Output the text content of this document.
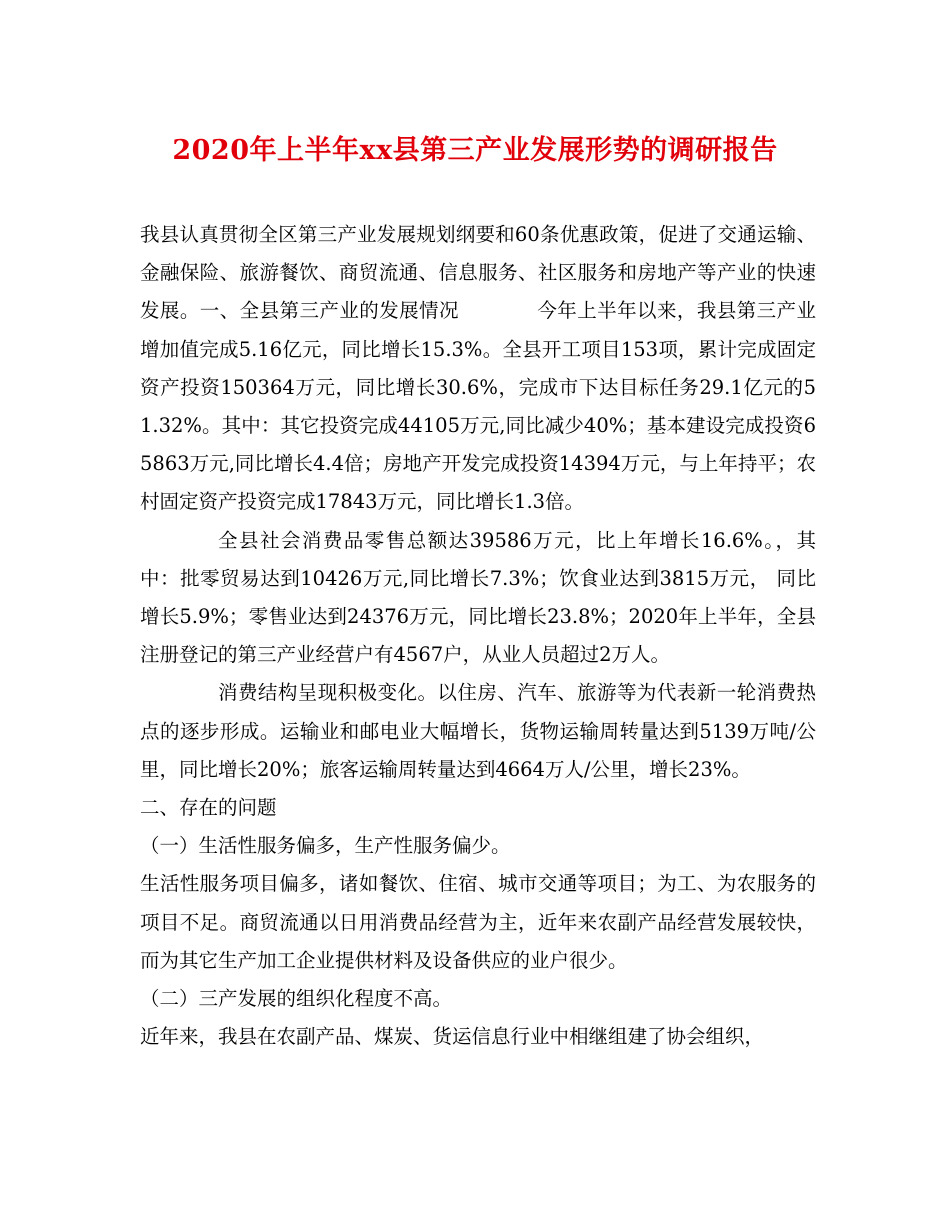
2020年上半年xx县第三产业发展形势的调研报告

我县认真贯彻全区第三产业发展规划纲要和60条优惠政策，促进了交通运输、金融保险、旅游餐饮、商贸流通、信息服务、社区服务和房地产等产业的快速发展。一、全县第三产业的发展情况	今年上半年以来，我县第三产业增加值完成5.16亿元，同比增长15.3%。全县开工项目153项，累计完成固定资产投资150364万元，同比增长30.6%，完成市下达目标任务29.1亿元的51.32%。其中：其它投资完成44105万元,同比减少40%；基本建设完成投资65863万元,同比增长4.4倍；房地产开发完成投资14394万元，与上年持平；农村固定资产投资完成17843万元，同比增长1.3倍。

全县社会消费品零售总额达39586万元，比上年增长16.6%。，其中：批零贸易达到10426万元,同比增长7.3%；饮食业达到3815万元， 同比增长5.9%；零售业达到24376万元，同比增长23.8%；2020年上半年，全县注册登记的第三产业经营户有4567户，从业人员超过2万人。

消费结构呈现积极变化。以住房、汽车、旅游等为代表新一轮消费热点的逐步形成。运输业和邮电业大幅增长，货物运输周转量达到5139万吨/公里，同比增长20%；旅客运输周转量达到4664万人/公里，增长23%。

二、存在的问题

（一）生活性服务偏多，生产性服务偏少。

生活性服务项目偏多，诸如餐饮、住宿、城市交通等项目；为工、为农服务的项目不足。商贸流通以日用消费品经营为主，近年来农副产品经营发展较快，而为其它生产加工企业提供材料及设备供应的业户很少。

（二）三产发展的组织化程度不高。

近年来，我县在农副产品、煤炭、货运信息行业中相继组建了协会组织，
